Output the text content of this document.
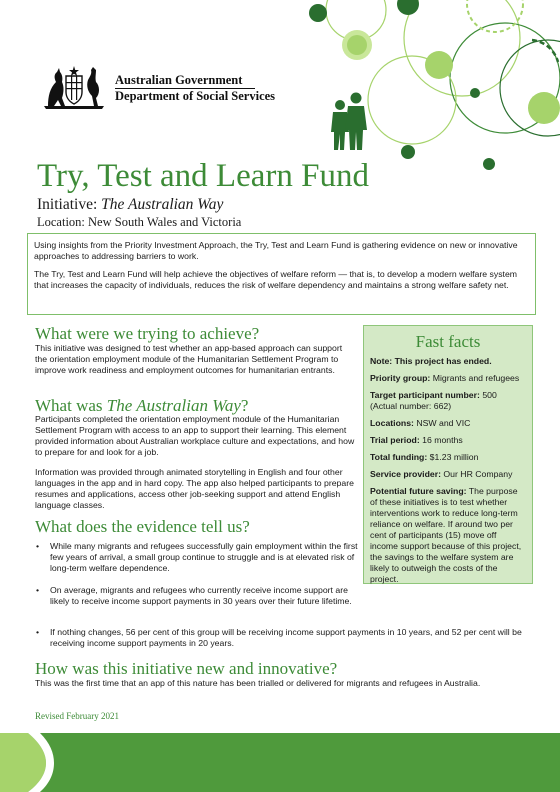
Australian Government
Department of Social Services
Try, Test and Learn Fund
Initiative: The Australian Way
Location: New South Wales and Victoria

Using insights from the Priority Investment Approach, the Try, Test and Learn Fund is gathering evidence on new or innovative approaches to addressing barriers to work.

The Try, Test and Learn Fund will help achieve the objectives of welfare reform — that is, to develop a modern welfare system that increases the capacity of individuals, reduces the risk of welfare dependency and maintains a strong welfare safety net.

What were we trying to achieve?

This initiative was designed to test whether an app-based approach can support the orientation employment module of the Humanitarian Settlement Program to improve work readiness and employment outcomes for humanitarian entrants.

What was The Australian Way?

Participants completed the orientation employment module of the Humanitarian Settlement Program with access to an app to support their learning. This element provided information about Australian workplace culture and expectations, and how to prepare for and look for a job.

Information was provided through animated storytelling in English and four other languages in the app and in hard copy. The app also helped participants to prepare resumes and applications, access other job-seeking support and attend English language classes.

What does the evidence tell us?
• While many migrants and refugees successfully gain employment within the first few years of arrival, a small group continue to struggle and is at elevated risk of long-term welfare dependence.
• On average, migrants and refugees who currently receive income support are likely to receive income support payments in 30 years over their future lifetime.
• If nothing changes, 56 per cent of this group will be receiving income support payments in 10 years, and 52 per cent will be receiving income support payments in 20 years.
How was this initiative new and innovative?

This was the first time that an app of this nature has been trialled or delivered for migrants and refugees in Australia.

Revised February 2021
Fast facts

Note: This project has ended.

Priority group: Migrants and refugees

Target participant number: 500 (Actual number: 662)

Locations: NSW and VIC

Trial period: 16 months

Total funding: $1.23 million

Service provider: Our HR Company

Potential future saving: The purpose of these initiatives is to test whether interventions work to reduce long-term reliance on welfare. If around two per cent of participants (15) move off income support because of this project, the savings to the welfare system are likely to outweigh the costs of the project.
